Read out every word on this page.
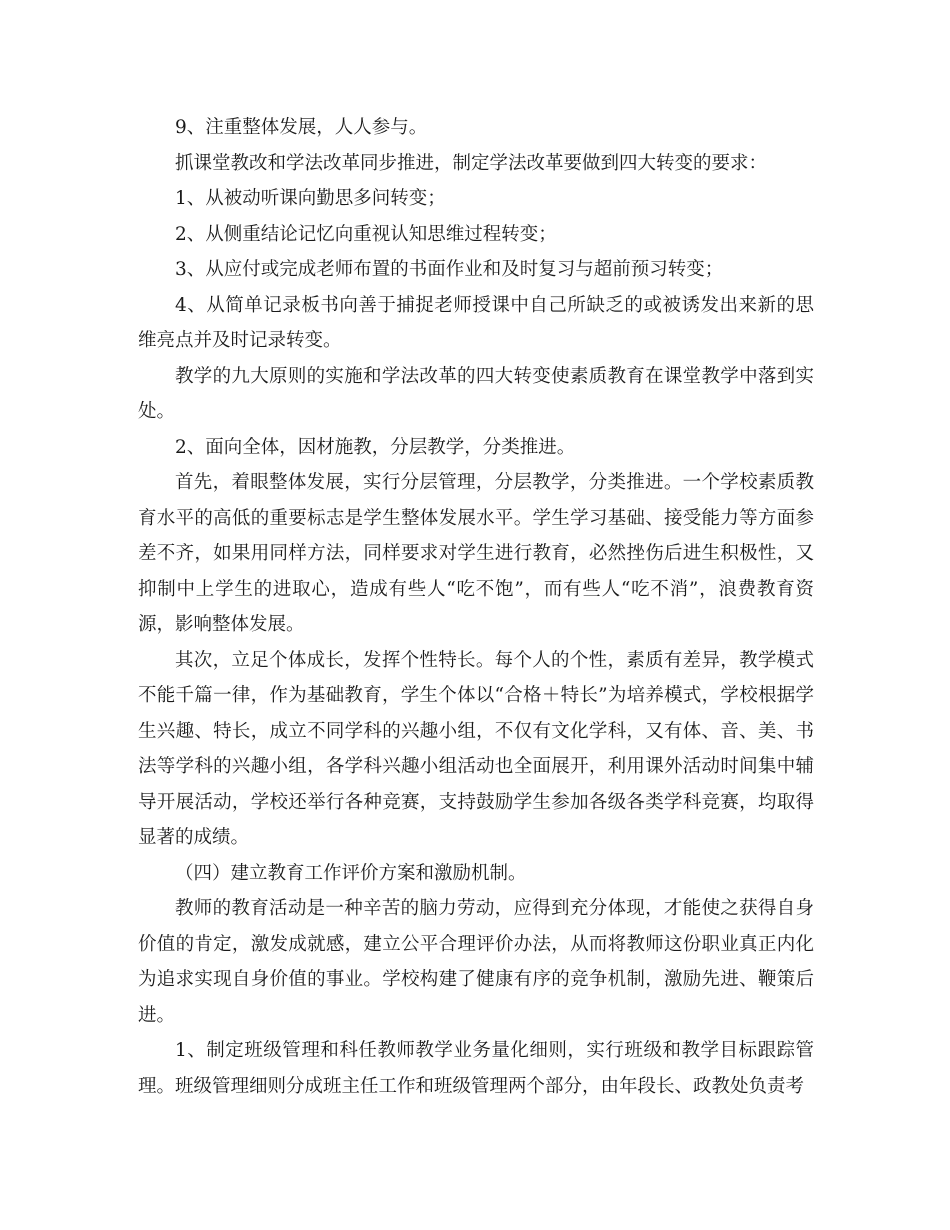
9、注重整体发展，人人参与。

抓课堂教改和学法改革同步推进，制定学法改革要做到四大转变的要求：

1、从被动听课向勤思多问转变；

2、从侧重结论记忆向重视认知思维过程转变；

3、从应付或完成老师布置的书面作业和及时复习与超前预习转变；

4、从简单记录板书向善于捕捉老师授课中自己所缺乏的或被诱发出来新的思维亮点并及时记录转变。

教学的九大原则的实施和学法改革的四大转变使素质教育在课堂教学中落到实处。

2、面向全体，因材施教，分层教学，分类推进。

首先，着眼整体发展，实行分层管理，分层教学，分类推进。一个学校素质教育水平的高低的重要标志是学生整体发展水平。学生学习基础、接受能力等方面参差不齐，如果用同样方法，同样要求对学生进行教育，必然挫伤后进生积极性，又抑制中上学生的进取心，造成有些人“吃不饱”，而有些人“吃不消”，浪费教育资源，影响整体发展。

其次，立足个体成长，发挥个性特长。每个人的个性，素质有差异，教学模式不能千篇一律，作为基础教育，学生个体以“合格＋特长”为培养模式，学校根据学生兴趣、特长，成立不同学科的兴趣小组，不仅有文化学科，又有体、音、美、书法等学科的兴趣小组，各学科兴趣小组活动也全面展开，利用课外活动时间集中辅导开展活动，学校还举行各种竞赛，支持鼓励学生参加各级各类学科竞赛，均取得显著的成绩。

（四）建立教育工作评价方案和激励机制。

教师的教育活动是一种辛苦的脑力劳动，应得到充分体现，才能使之获得自身价值的肯定，激发成就感，建立公平合理评价办法，从而将教师这份职业真正内化为追求实现自身价值的事业。学校构建了健康有序的竞争机制，激励先进、鞭策后进。

1、制定班级管理和科任教师教学业务量化细则，实行班级和教学目标跟踪管理。班级管理细则分成班主任工作和班级管理两个部分，由年段长、政教处负责考
